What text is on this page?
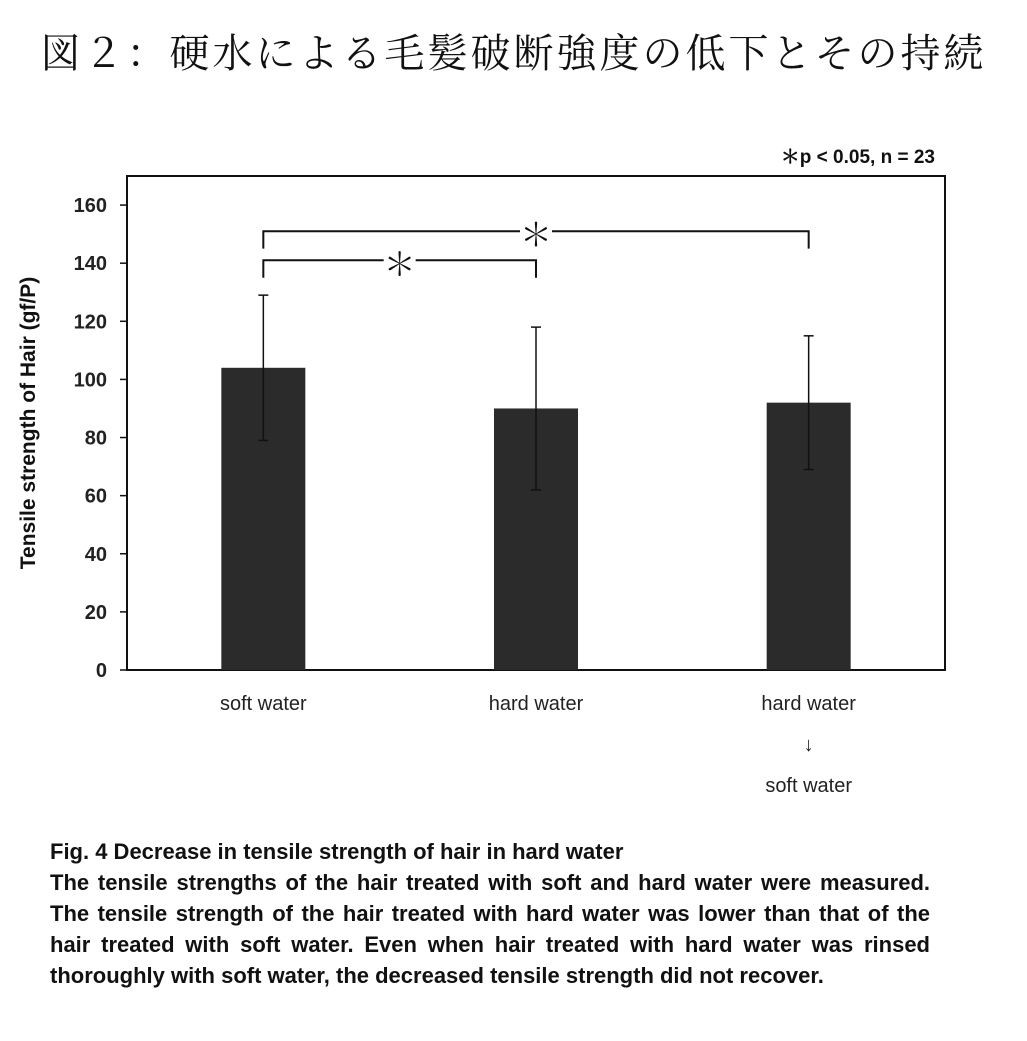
図２：硬水による毛髪破断強度の低下とその持続
0
20
40
60
80
100
120
140
160
Tensile strength of Hair (gf/P)
soft water	hard water	hard water
↓
soft water
＊
＊
＊p < 0.05, n = 23
Fig. 4 Decrease in tensile strength of hair in hard water
The tensile strengths of the hair treated with soft and hard water were measured. The tensile strength of the hair treated with hard water was lower than that of the hair treated with soft water. Even when hair treated with hard water was rinsed thoroughly with soft water, the decreased tensile strength did not recover.
